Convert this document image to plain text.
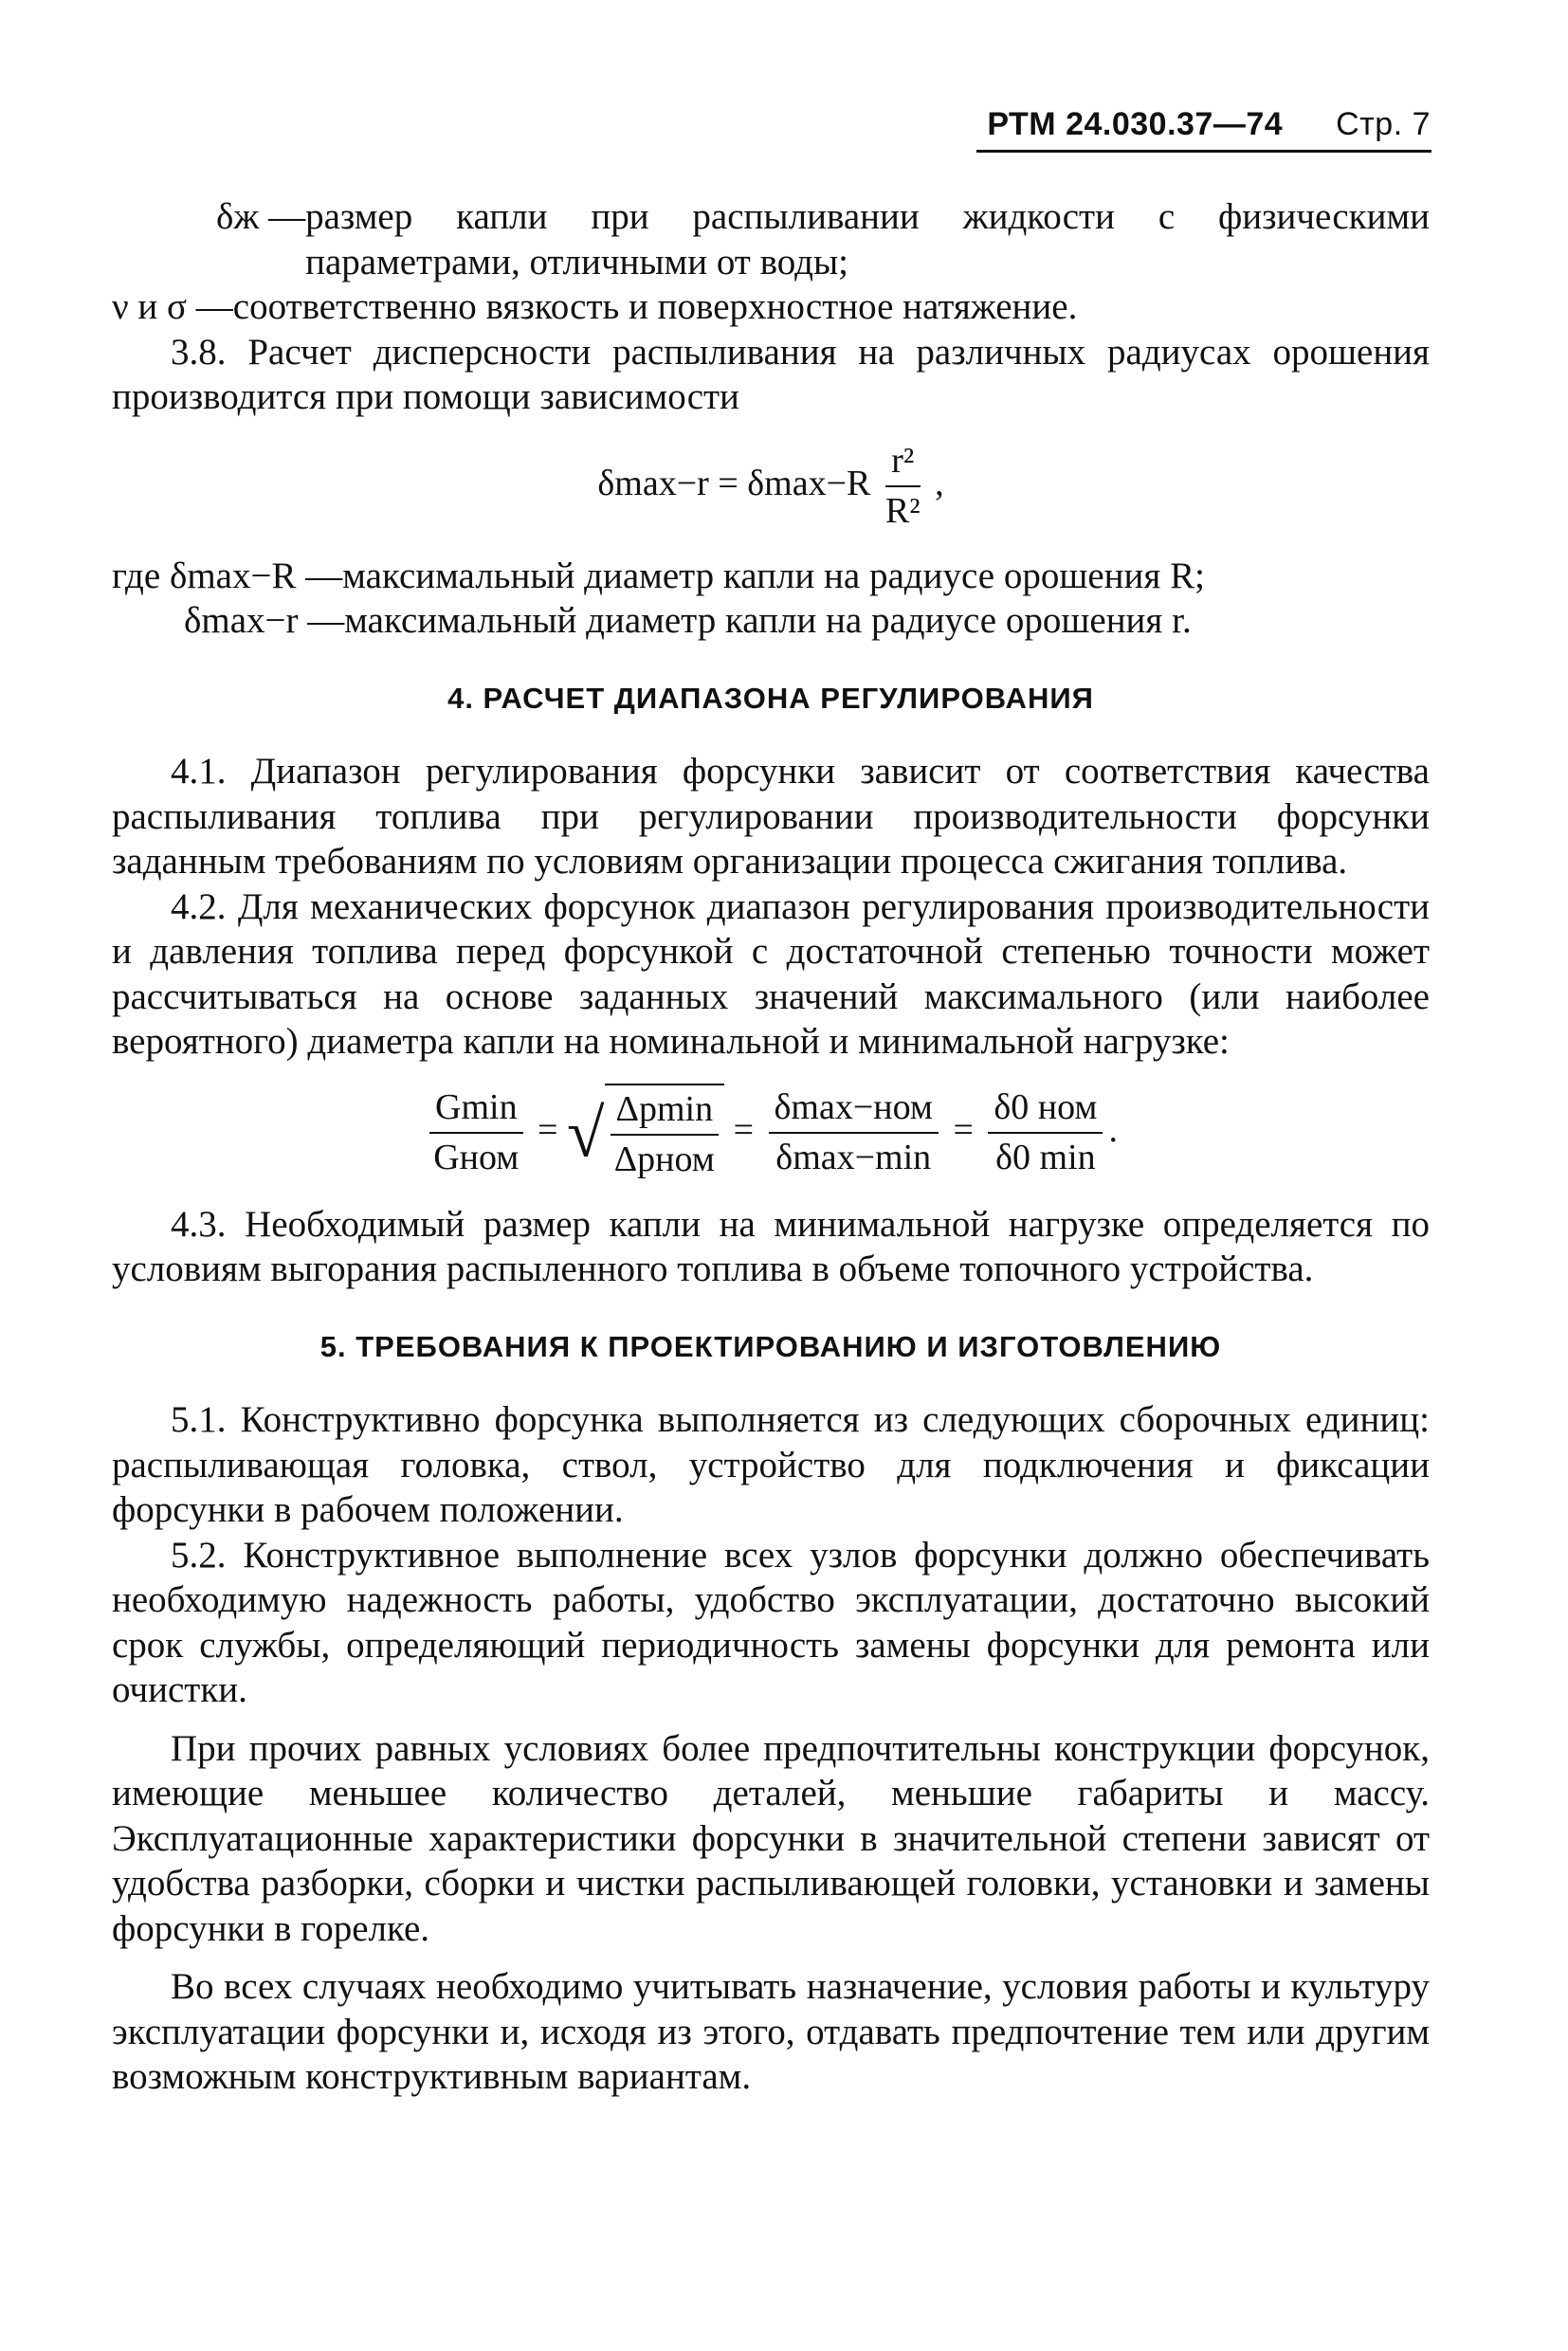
РТМ 24.030.37—74 Стр. 7
δж — размер капли при распыливании жидкости с физическими параметрами, отличными от воды;
ν и σ — соответственно вязкость и поверхностное натяжение.

3.8. Расчет дисперсности распыливания на различных радиусах орошения производится при помощи зависимости

$\delta\max-r = \delta\max-R \frac{\text{r²}}{\text{R²}}$ ,
где δmax−R — максимальный диаметр капли на радиусе орошения R;
δmax−r — максимальный диаметр капли на радиусе орошения r.
4. РАСЧЕТ ДИАПАЗОНА РЕГУЛИРОВАНИЯ

4.1. Диапазон регулирования форсунки зависит от соответствия качества распыливания топлива при регулировании производительности форсунки заданным требованиям по условиям организации процесса сжигания топлива.

4.2. Для механических форсунок диапазон регулирования производительности и давления топлива перед форсункой с достаточной степенью точности может рассчитываться на основе заданных значений максимального (или наиболее вероятного) диаметра капли на номинальной и минимальной нагрузке:

$\frac{Gmin}{\text{Gном}}$ = √ $\frac{\Delta pmin}{\text{Δpном}} = \frac{\text{δmax−ном}}{\delta\max-\min} = \frac{\text{δ0 ном}}{\delta 0 \min}$ .

4.3. Необходимый размер капли на минимальной нагрузке определяется по условиям выгорания распыленного топлива в объеме топочного устройства.

5. ТРЕБОВАНИЯ К ПРОЕКТИРОВАНИЮ И ИЗГОТОВЛЕНИЮ

5.1. Конструктивно форсунка выполняется из следующих сборочных единиц: распыливающая головка, ствол, устройство для подключения и фиксации форсунки в рабочем положении.

5.2. Конструктивное выполнение всех узлов форсунки должно обеспечивать необходимую надежность работы, удобство эксплуатации, достаточно высокий срок службы, определяющий периодичность замены форсунки для ремонта или очистки.

При прочих равных условиях более предпочтительны конструкции форсунок, имеющие меньшее количество деталей, меньшие габариты и массу. Эксплуатационные характеристики форсунки в значительной степени зависят от удобства разборки, сборки и чистки распыливающей головки, установки и замены форсунки в горелке.

Во всех случаях необходимо учитывать назначение, условия работы и культуру эксплуатации форсунки и, исходя из этого, отдавать предпочтение тем или другим возможным конструктивным вариантам.
